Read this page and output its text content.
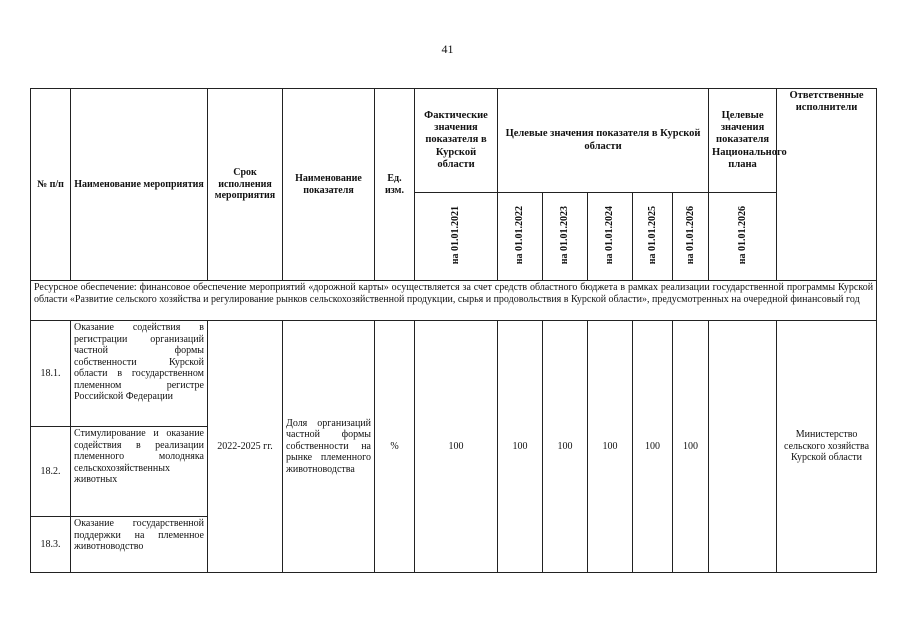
41
№ п/п	Наименование мероприятия	Срок исполнения мероприятия	Наименование показателя	Ед. изм.	Фактические значения показателя в Курской области	Целевые значения показателя в Курской области					Целевые значения показателя Национального плана	Ответственные исполнители
					на 01.01.2021	на 01.01.2022	на 01.01.2023	на 01.01.2024	на 01.01.2025	на 01.01.2026	на 01.01.2026	
Ресурсное обеспечение: финансовое обеспечение мероприятий «дорожной карты» осуществляется за счет средств областного бюджета в рамках реализации государственной программы Курской области «Развитие сельского хозяйства и регулирование рынков сельскохозяйственной продукции, сырья и продовольствия в Курской области», предусмотренных на очередной финансовый год												
18.1.	Оказание содействия в регистрации организаций частной формы собственности Курской области в государственном племенном регистре Российской Федерации	2022-2025 гг.	Доля организаций частной формы собственности на рынке племенного животноводства	%	100	100	100	100	100	100		Министерство сельского хозяйства Курской области
18.2.	Стимулирование и оказание содействия в реализации племенного молодняка сельскохозяйственных животных											
18.3.	Оказание государственной поддержки на племенное животноводство											
